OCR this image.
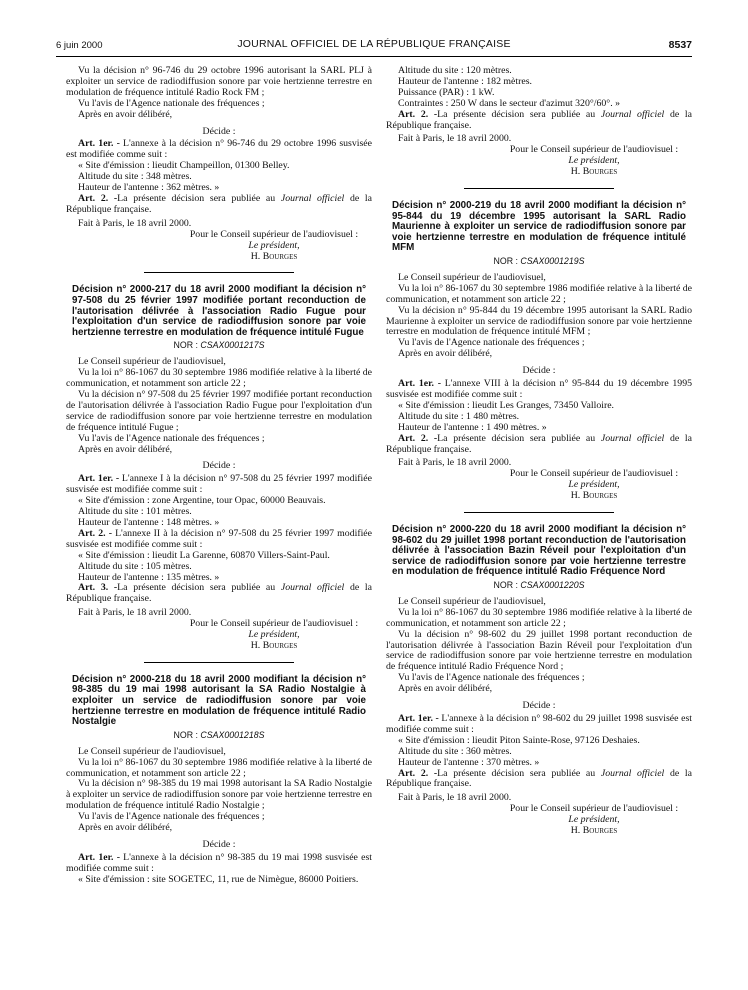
6 juin 2000	JOURNAL OFFICIEL DE LA RÉPUBLIQUE FRANÇAISE	8537

Vu la décision n° 96-746 du 29 octobre 1996 autorisant la SARL PLJ à exploiter un service de radiodiffusion sonore par voie hertzienne terrestre en modulation de fréquence intitulé Radio Rock FM ;

Vu l'avis de l'Agence nationale des fréquences ;

Après en avoir délibéré,

Décide :

Art. 1er. - L'annexe à la décision n° 96-746 du 29 octobre 1996 susvisée est modifiée comme suit :

« Site d'émission : lieudit Champeillon, 01300 Belley.

Altitude du site : 348 mètres.

Hauteur de l'antenne : 362 mètres. »

Art. 2. -La présente décision sera publiée au Journal officiel de la République française.

Fait à Paris, le 18 avril 2000.

Pour le Conseil supérieur de l'audiovisuel :

Le président,

H. Bourges

Décision n° 2000-217 du 18 avril 2000 modifiant la décision n° 97-508 du 25 février 1997 modifiée portant reconduction de l'autorisation délivrée à l'association Radio Fugue pour l'exploitation d'un service de radiodiffusion sonore par voie hertzienne terrestre en modulation de fréquence intitulé Fugue

NOR : CSAX0001217S

Le Conseil supérieur de l'audiovisuel,

Vu la loi n° 86-1067 du 30 septembre 1986 modifiée relative à la liberté de communication, et notamment son article 22 ;

Vu la décision n° 97-508 du 25 février 1997 modifiée portant reconduction de l'autorisation délivrée à l'association Radio Fugue pour l'exploitation d'un service de radiodiffusion sonore par voie hertzienne terrestre en modulation de fréquence intitulé Fugue ;

Vu l'avis de l'Agence nationale des fréquences ;

Après en avoir délibéré,

Décide :

Art. 1er. - L'annexe I à la décision n° 97-508 du 25 février 1997 modifiée susvisée est modifiée comme suit :

« Site d'émission : zone Argentine, tour Opac, 60000 Beauvais.

Altitude du site : 101 mètres.

Hauteur de l'antenne : 148 mètres. »

Art. 2. - L'annexe II à la décision n° 97-508 du 25 février 1997 modifiée susvisée est modifiée comme suit :

« Site d'émission : lieudit La Garenne, 60870 Villers-Saint-Paul.

Altitude du site : 105 mètres.

Hauteur de l'antenne : 135 mètres. »

Art. 3. -La présente décision sera publiée au Journal officiel de la République française.

Fait à Paris, le 18 avril 2000.

Pour le Conseil supérieur de l'audiovisuel :

Le président,

H. Bourges

Décision n° 2000-218 du 18 avril 2000 modifiant la décision n° 98-385 du 19 mai 1998 autorisant la SA Radio Nostalgie à exploiter un service de radiodiffusion sonore par voie hertzienne terrestre en modulation de fréquence intitulé Radio Nostalgie

NOR : CSAX0001218S

Le Conseil supérieur de l'audiovisuel,

Vu la loi n° 86-1067 du 30 septembre 1986 modifiée relative à la liberté de communication, et notamment son article 22 ;

Vu la décision n° 98-385 du 19 mai 1998 autorisant la SA Radio Nostalgie à exploiter un service de radiodiffusion sonore par voie hertzienne terrestre en modulation de fréquence intitulé Radio Nostalgie ;

Vu l'avis de l'Agence nationale des fréquences ;

Après en avoir délibéré,

Décide :

Art. 1er. - L'annexe à la décision n° 98-385 du 19 mai 1998 susvisée est modifiée comme suit :

« Site d'émission : site SOGETEC, 11, rue de Nimègue, 86000 Poitiers.

Altitude du site : 120 mètres.

Hauteur de l'antenne : 182 mètres.

Puissance (PAR) : 1 kW.

Contraintes : 250 W dans le secteur d'azimut 320°/60°. »

Art. 2. -La présente décision sera publiée au Journal officiel de la République française.

Fait à Paris, le 18 avril 2000.

Pour le Conseil supérieur de l'audiovisuel :

Le président,

H. Bourges

Décision n° 2000-219 du 18 avril 2000 modifiant la décision n° 95-844 du 19 décembre 1995 autorisant la SARL Radio Maurienne à exploiter un service de radiodiffusion sonore par voie hertzienne terrestre en modulation de fréquence intitulé MFM

NOR : CSAX0001219S

Le Conseil supérieur de l'audiovisuel,

Vu la loi n° 86-1067 du 30 septembre 1986 modifiée relative à la liberté de communication, et notamment son article 22 ;

Vu la décision n° 95-844 du 19 décembre 1995 autorisant la SARL Radio Maurienne à exploiter un service de radiodiffusion sonore par voie hertzienne terrestre en modulation de fréquence intitulé MFM ;

Vu l'avis de l'Agence nationale des fréquences ;

Après en avoir délibéré,

Décide :

Art. 1er. - L'annexe VIII à la décision n° 95-844 du 19 décembre 1995 susvisée est modifiée comme suit :

« Site d'émission : lieudit Les Granges, 73450 Valloire.

Altitude du site : 1 480 mètres.

Hauteur de l'antenne : 1 490 mètres. »

Art. 2. -La présente décision sera publiée au Journal officiel de la République française.

Fait à Paris, le 18 avril 2000.

Pour le Conseil supérieur de l'audiovisuel :

Le président,

H. Bourges

Décision n° 2000-220 du 18 avril 2000 modifiant la décision n° 98-602 du 29 juillet 1998 portant reconduction de l'autorisation délivrée à l'association Bazin Réveil pour l'exploitation d'un service de radiodiffusion sonore par voie hertzienne terrestre en modulation de fréquence intitulé Radio Fréquence Nord

NOR : CSAX0001220S

Le Conseil supérieur de l'audiovisuel,

Vu la loi n° 86-1067 du 30 septembre 1986 modifiée relative à la liberté de communication, et notamment son article 22 ;

Vu la décision n° 98-602 du 29 juillet 1998 portant reconduction de l'autorisation délivrée à l'association Bazin Réveil pour l'exploitation d'un service de radiodiffusion sonore par voie hertzienne terrestre en modulation de fréquence intitulé Radio Fréquence Nord ;

Vu l'avis de l'Agence nationale des fréquences ;

Après en avoir délibéré,

Décide :

Art. 1er. - L'annexe à la décision n° 98-602 du 29 juillet 1998 susvisée est modifiée comme suit :

« Site d'émission : lieudit Piton Sainte-Rose, 97126 Deshaies.

Altitude du site : 360 mètres.

Hauteur de l'antenne : 370 mètres. »

Art. 2. -La présente décision sera publiée au Journal officiel de la République française.

Fait à Paris, le 18 avril 2000.

Pour le Conseil supérieur de l'audiovisuel :

Le président,

H. Bourges
